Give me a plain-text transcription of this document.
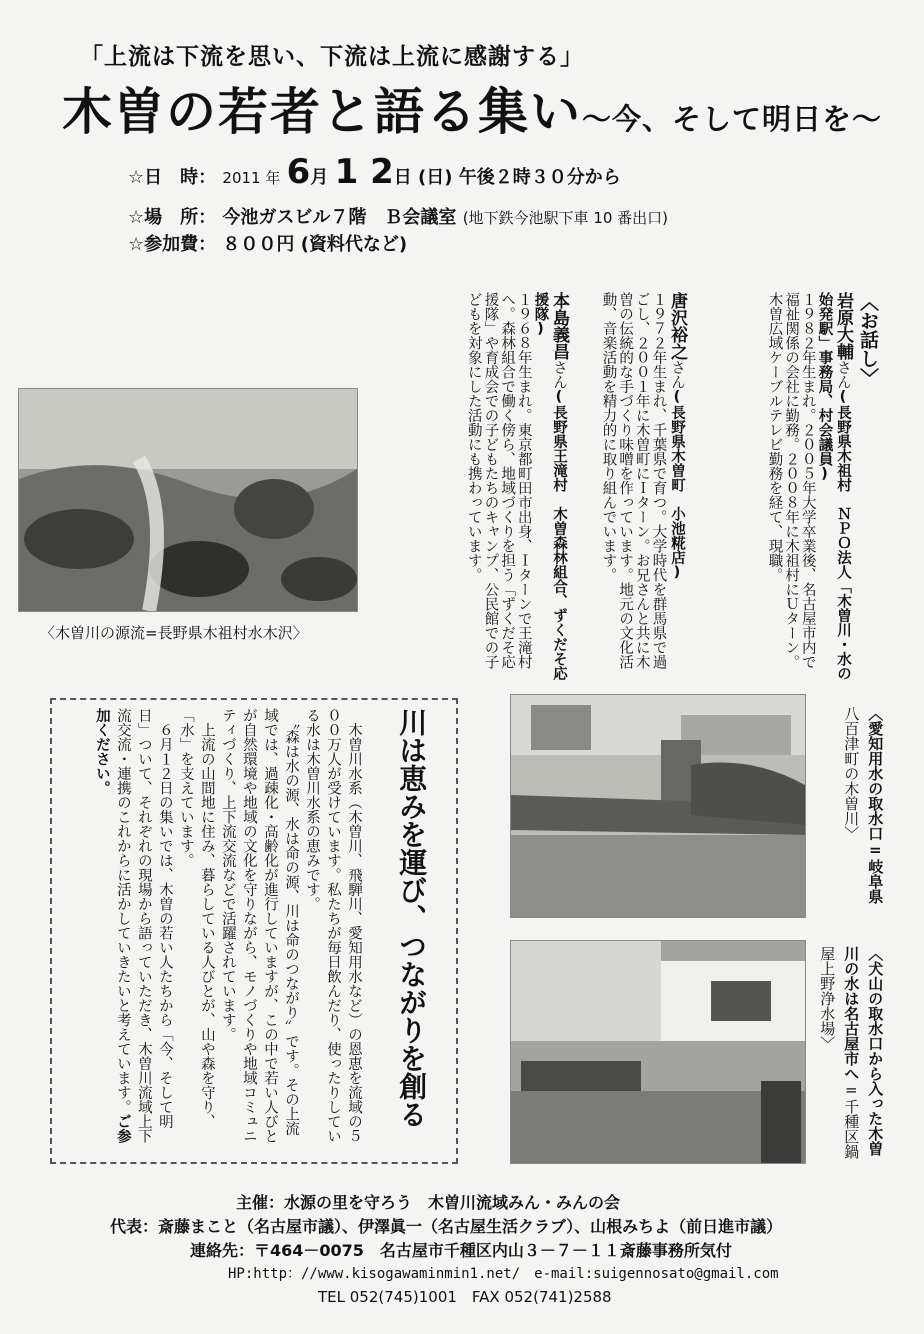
「上流は下流を思い、下流は上流に感謝する」
木曽の若者と語る集い～今、そして明日を～
☆日　時： 2011 年 6月 1 2日 (日) 午後２時３０分から
☆場　所： 今池ガスビル７階　Ｂ会議室 (地下鉄今池駅下車 10 番出口)
☆参加費： ８００円 (資料代など)
〈お話し〉
岩原大輔さん(長野県木祖村　ＮＰＯ法人「木曽川・水の始発駅」事務局、村会議員)
１９８２年生まれ。２００５年大学卒業後、名古屋市内で福祉関係の会社に勤務。２００８年に木祖村にＵターン。木曽広域ケーブルテレビ勤務を経て、現職。
唐沢裕之さん(長野県木曽町　小池糀店)
１９７２年生まれ、千葉県で育つ。大学時代を群馬県で過ごし、２００１年に木曽町にＩターン。お兄さんと共に木曽の伝統的な手づくり味噌を作っています。地元の文化活動、音楽活動を精力的に取り組んでいます。
本島義昌さん(長野県王滝村　木曽森林組合、ずくだそ応援隊)
１９６８年生まれ。東京都町田市出身、Ｉターンで王滝村へ。森林組合で働く傍ら、地域づくりを担う「ずくだそ応援隊」や育成会での子どもたちのキャンプ、公民館での子どもを対象にした活動にも携わっています。
〈木曽川の源流=長野県木祖村水木沢〉
〈愛知用水の取水口=岐阜県
八百津町の木曽川〉
〈犬山の取水口から入った木曽
川の水は名古屋市へ=千種区鍋
屋上野浄水場〉
川は恵みを運び、つながりを創る
　木曽川水系（木曽川、飛騨川、愛知用水など）の恩恵を流域の５００万人が受けています。私たちが毎日飲んだり、使ったりしている水は木曽川水系の恵みです。
　〝森は水の源、水は命の源、川は命のつながり〟です。その上流域では、過疎化・高齢化が進行していますが、この中で若い人びとが自然環境や地域の文化を守りながら、モノづくりや地域コミュニティづくり、上下流交流などで活躍されています。
　上流の山間地に住み、暮らしている人びとが、山や森を守り、「水」を支えています。
　６月１２日の集いでは、木曽の若い人たちから「今、そして明日」ついて、それぞれの現場から語っていただき、木曽川流域上下流交流・連携のこれからに活かしていきたいと考えています。ご参加ください。
主催：水源の里を守ろう　木曽川流域みん・みんの会
代表：斎藤まこと（名古屋市議）、伊澤眞一（名古屋生活クラブ）、山根みちよ（前日進市議）
連絡先：〒464－0075　名古屋市千種区内山３－７－１１斎藤事務所気付
HP:http：//www.kisogawaminmin1.net/　e-mail:suigennosato@gmail.com
TEL 052(745)1001　FAX 052(741)2588
